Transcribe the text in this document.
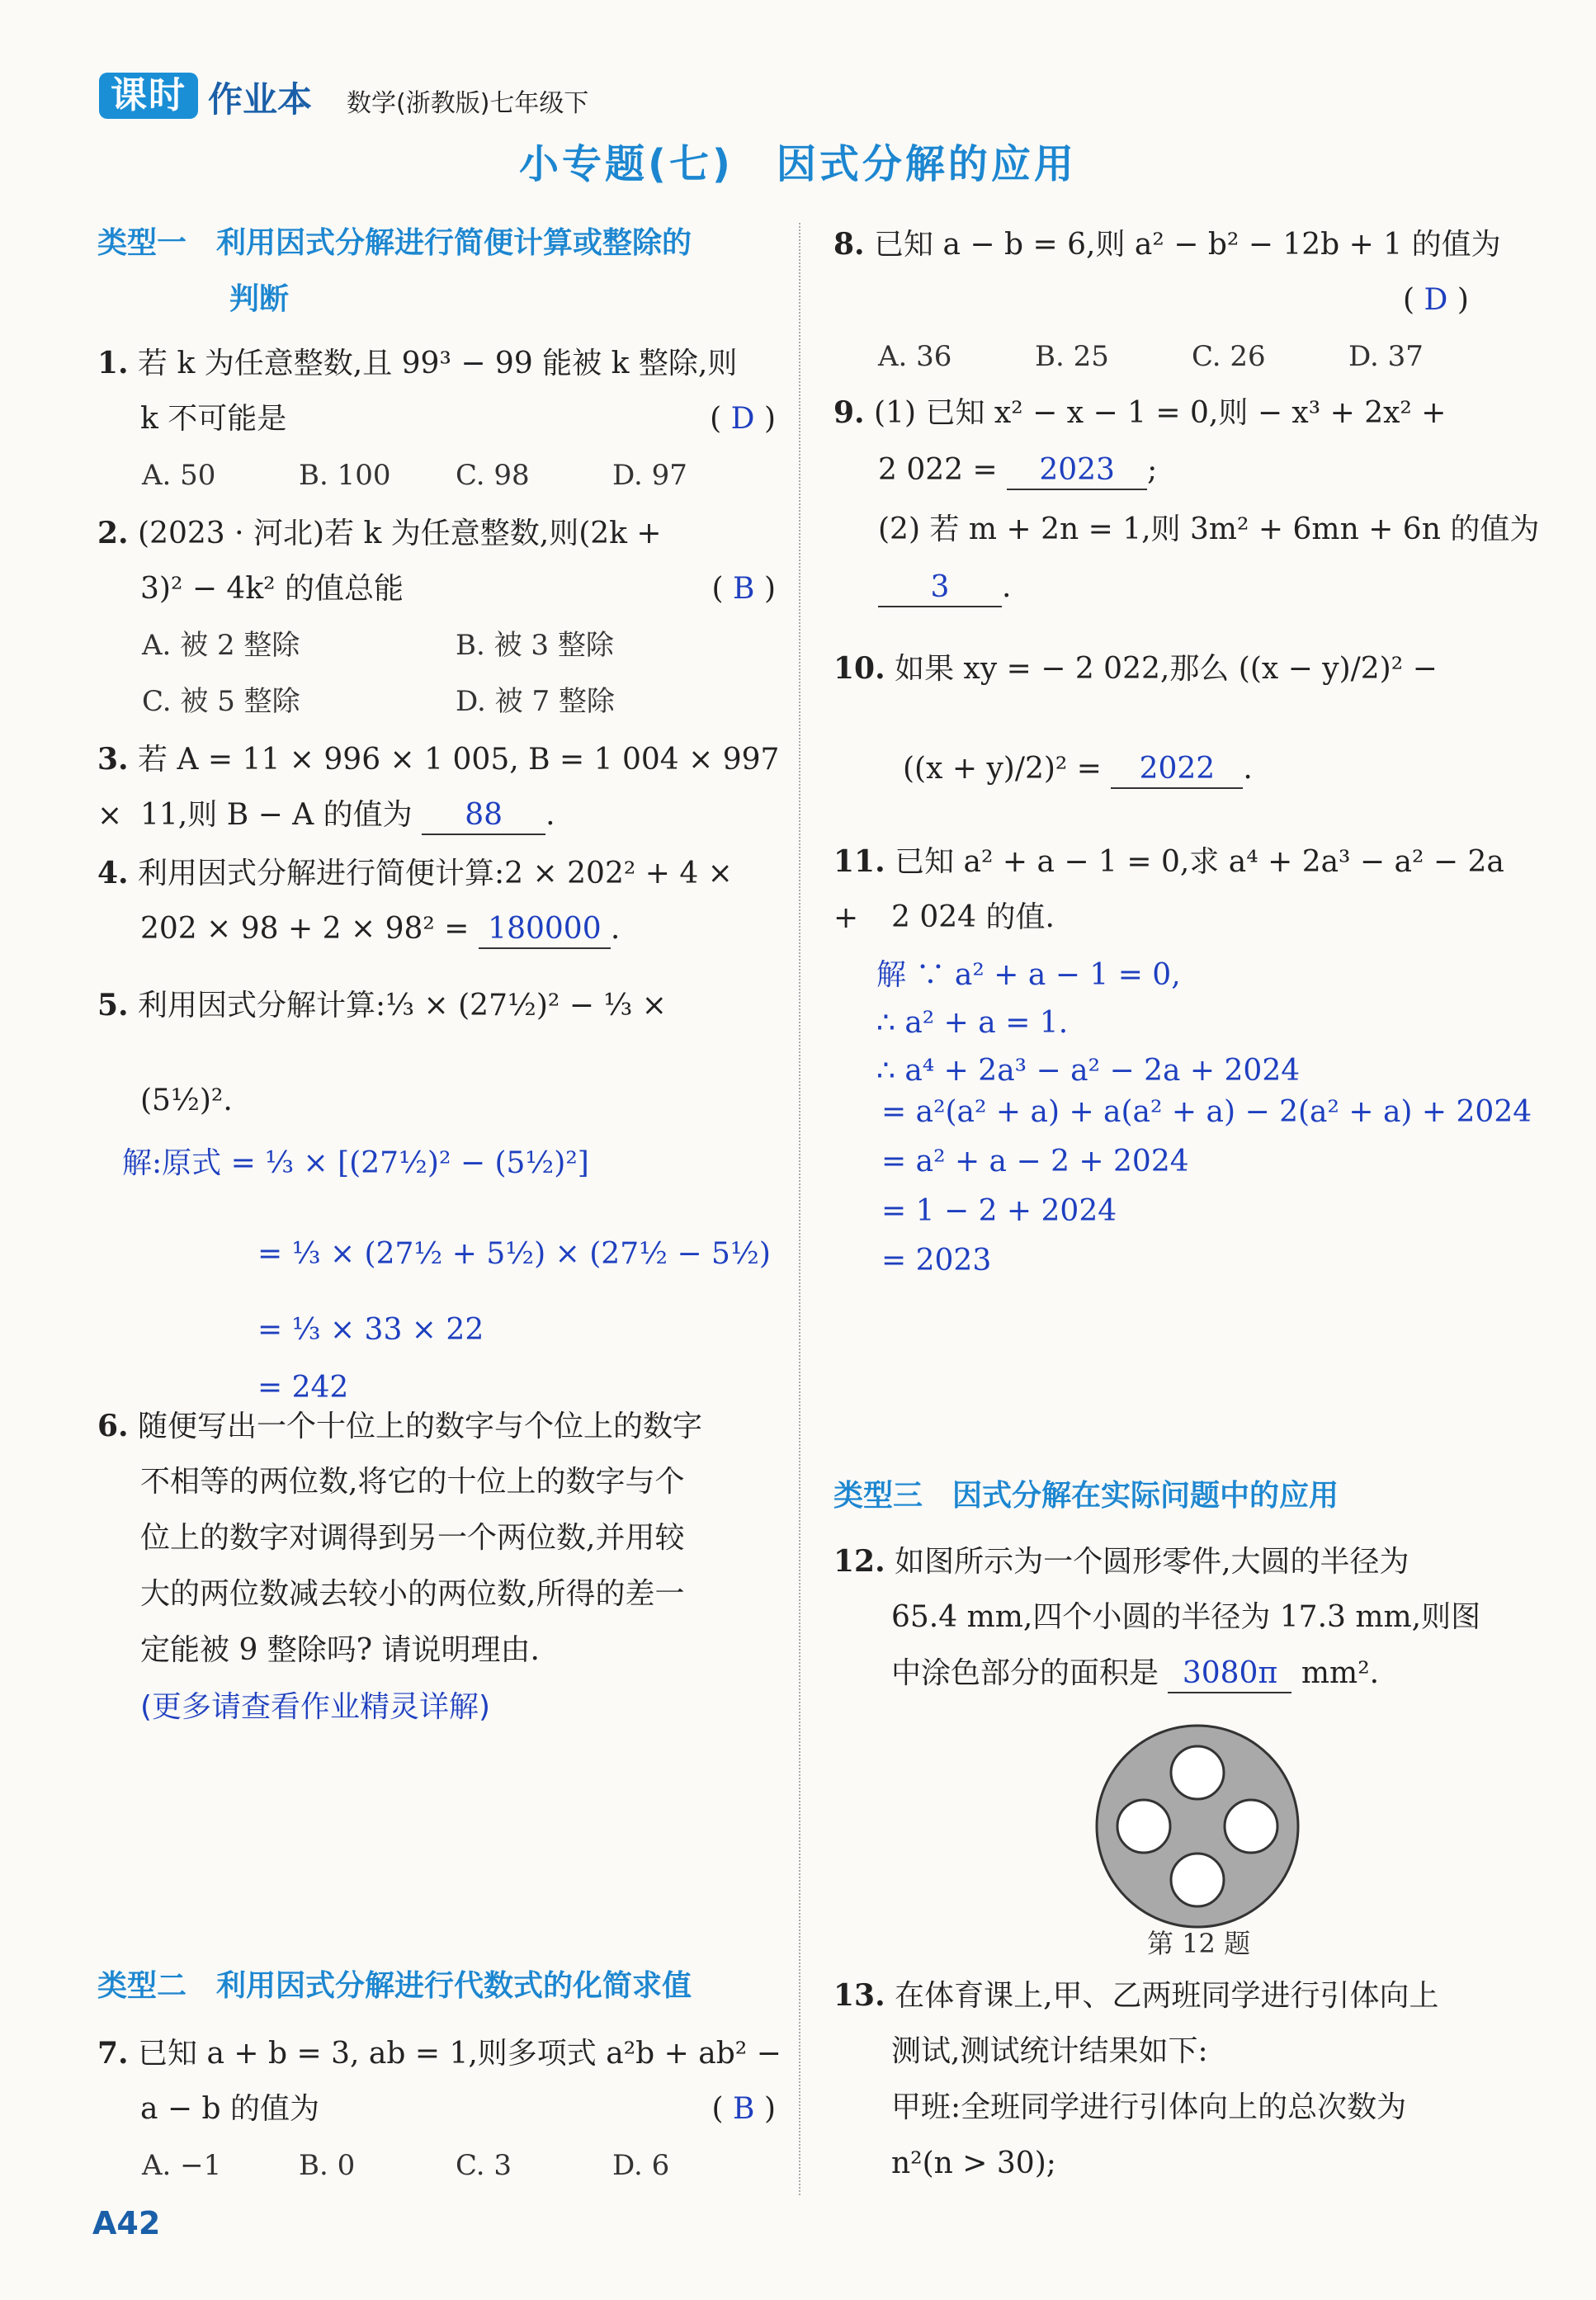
课时 作业本 数学(浙教版)七年级下
小专题(七)　因式分解的应用
类型一　利用因式分解进行简便计算或整除的
判断
1. 若 k 为任意整数,且 99³ − 99 能被 k 整除,则
k 不可能是	( D )
A. 50	B. 100	C. 98	D. 97
2. (2023 · 河北)若 k 为任意整数,则(2k +
3)² − 4k² 的值总能	( B )
A. 被 2 整除	B. 被 3 整除
C. 被 5 整除	D. 被 7 整除
3. 若 A = 11 × 996 × 1 005, B = 1 004 × 997 × 11,则 B − A 的值为 88 .
4. 利用因式分解进行简便计算:2 × 202² + 4 ×
202 × 98 + 2 × 98² = 180000 .
5. 利用因式分解计算:⅓ × (27½)² − ⅓ ×
(5½)².
解:原式 = ⅓ × [(27½)² − (5½)²]
= ⅓ × (27½ + 5½) × (27½ − 5½)
= ⅓ × 33 × 22
= 242
6. 随便写出一个十位上的数字与个位上的数字
不相等的两位数,将它的十位上的数字与个
位上的数字对调得到另一个两位数,并用较
大的两位数减去较小的两位数,所得的差一
定能被 9 整除吗? 请说明理由.
(更多请查看作业精灵详解)
类型二　利用因式分解进行代数式的化简求值
7. 已知 a + b = 3, ab = 1,则多项式 a²b + ab² −
a − b 的值为	( B )
A. −1	B. 0	C. 3	D. 6
8. 已知 a − b = 6,则 a² − b² − 12b + 1 的值为
( D )
A. 36	B. 25	C. 26	D. 37
9. (1) 已知 x² − x − 1 = 0,则 − x³ + 2x² +
2 022 = 2023 ;
(2) 若 m + 2n = 1,则 3m² + 6mn + 6n 的值为
3 .
10. 如果 xy = − 2 022,那么 ((x − y)/2)² −
((x + y)/2)² = 2022 .
11. 已知 a² + a − 1 = 0,求 a⁴ + 2a³ − a² − 2a +	2 024 的值.
解 ∵ a² + a − 1 = 0,
∴ a² + a = 1.
∴ a⁴ + 2a³ − a² − 2a + 2024
= a²(a² + a) + a(a² + a) − 2(a² + a) + 2024
= a² + a − 2 + 2024
= 1 − 2 + 2024
= 2023
类型三　因式分解在实际问题中的应用
12. 如图所示为一个圆形零件,大圆的半径为
65.4 mm,四个小圆的半径为 17.3 mm,则图
中涂色部分的面积是 3080π mm².
第 12 题
13. 在体育课上,甲、乙两班同学进行引体向上
测试,测试统计结果如下:
甲班:全班同学进行引体向上的总次数为
n²(n > 30);
A42
